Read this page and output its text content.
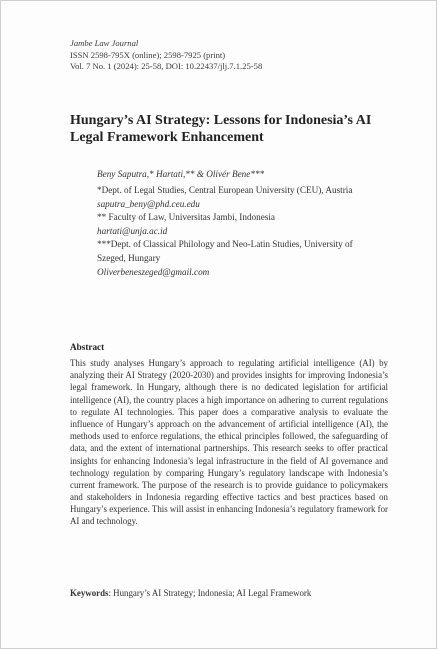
Jambe Law Journal
ISSN 2598-795X (online); 2598-7925 (print)
Vol. 7 No. 1 (2024): 25-58, DOI: 10.22437/jlj.7.1.25-58
Hungary’s AI Strategy: Lessons for Indonesia’s AI Legal Framework Enhancement
Beny Saputra,* Hartati,** & Olivér Bene***
*Dept. of Legal Studies, Central European University (CEU), Austria
saputra_beny@phd.ceu.edu
** Faculty of Law, Universitas Jambi, Indonesia
hartati@unja.ac.id
***Dept. of Classical Philology and Neo-Latin Studies, University of Szeged, Hungary
Oliverbeneszeged@gmail.com
Abstract

This study analyses Hungary’s approach to regulating artificial intelligence (AI) by analyzing their AI Strategy (2020-2030) and provides insights for improving Indonesia’s legal framework. In Hungary, although there is no dedicated legislation for artificial intelligence (AI), the country places a high importance on adhering to current regulations to regulate AI technologies. This paper does a comparative analysis to evaluate the influence of Hungary’s approach on the advancement of artificial intelligence (AI), the methods used to enforce regulations, the ethical principles followed, the safeguarding of data, and the extent of international partnerships. This research seeks to offer practical insights for enhancing Indonesia’s legal infrastructure in the field of AI governance and technology regulation by comparing Hungary’s regulatory landscape with Indonesia’s current framework. The purpose of the research is to provide guidance to policymakers and stakeholders in Indonesia regarding effective tactics and best practices based on Hungary’s experience. This will assist in enhancing Indonesia’s regulatory framework for AI and technology.

Keywords: Hungary’s AI Strategy; Indonesia; AI Legal Framework
